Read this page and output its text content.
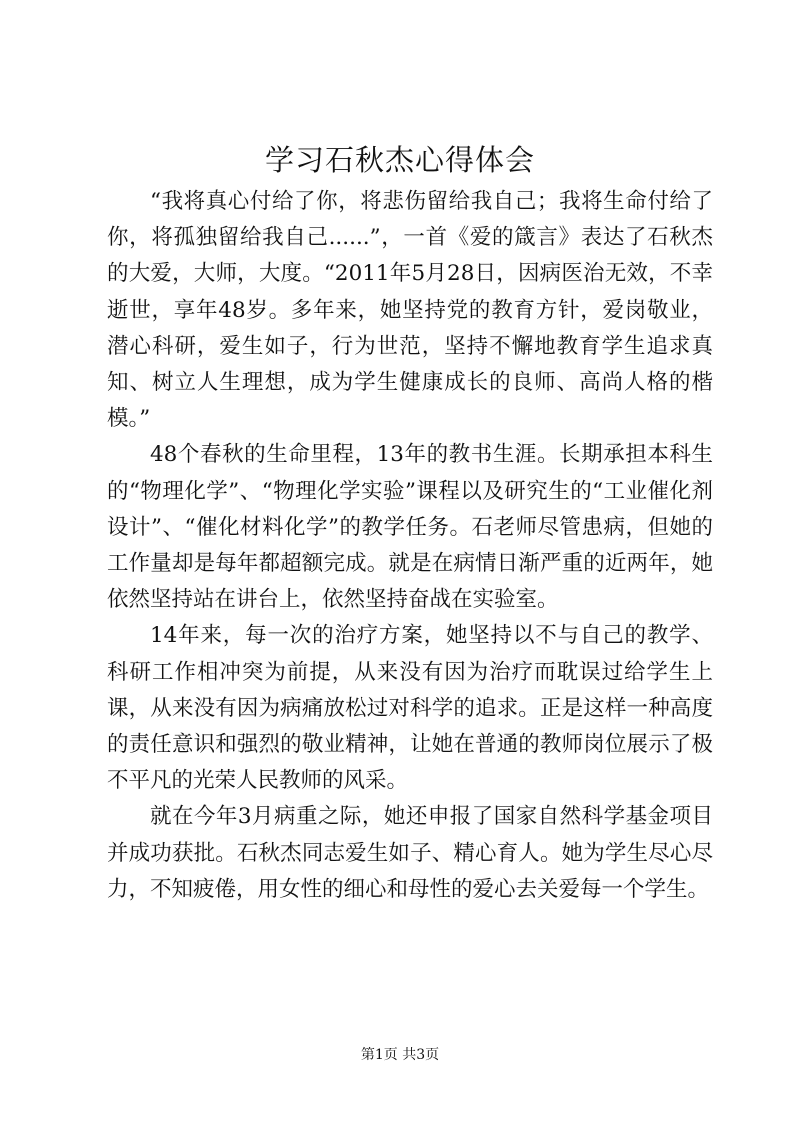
学习石秋杰心得体会

“我将真心付给了你，将悲伤留给我自己；我将生命付给了你，将孤独留给我自己......”，一首《爱的箴言》表达了石秋杰的大爱，大师，大度。“2011年5月28日，因病医治无效，不幸逝世，享年48岁。多年来，她坚持党的教育方针，爱岗敬业，潜心科研，爱生如子，行为世范，坚持不懈地教育学生追求真知、树立人生理想，成为学生健康成长的良师、高尚人格的楷模。”

48个春秋的生命里程，13年的教书生涯。长期承担本科生的“物理化学”、“物理化学实验”课程以及研究生的“工业催化剂设计”、“催化材料化学”的教学任务。石老师尽管患病，但她的工作量却是每年都超额完成。就是在病情日渐严重的近两年，她依然坚持站在讲台上，依然坚持奋战在实验室。

14年来，每一次的治疗方案，她坚持以不与自己的教学、科研工作相冲突为前提，从来没有因为治疗而耽误过给学生上课，从来没有因为病痛放松过对科学的追求。正是这样一种高度的责任意识和强烈的敬业精神，让她在普通的教师岗位展示了极不平凡的光荣人民教师的风采。

就在今年3月病重之际，她还申报了国家自然科学基金项目并成功获批。石秋杰同志爱生如子、精心育人。她为学生尽心尽力，不知疲倦，用女性的细心和母性的爱心去关爱每一个学生。

第1页 共3页
